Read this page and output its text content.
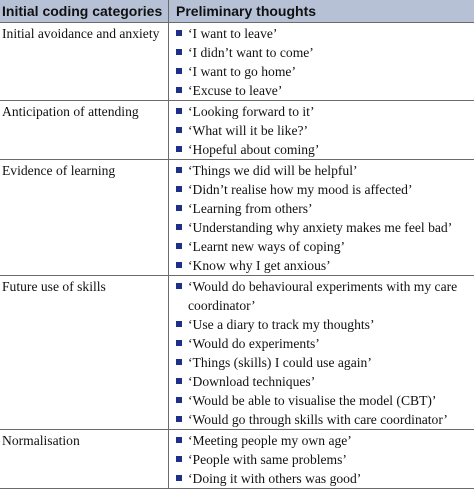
Initial coding categories Preliminary thoughts
Initial avoidance and anxiety	‘I want to leave’
‘I didn’t want to come’
‘I want to go home’
‘Excuse to leave’
Anticipation of attending	‘Looking forward to it’
‘What will it be like?’
‘Hopeful about coming’
Evidence of learning	‘Things we did will be helpful’
‘Didn’t realise how my mood is affected’
‘Learning from others’
‘Understanding why anxiety makes me feel bad’
‘Learnt new ways of coping’
‘Know why I get anxious’
Future use of skills	‘Would do behavioural experiments with my care coordinator’
‘Use a diary to track my thoughts’
‘Would do experiments’
‘Things (skills) I could use again’
‘Download techniques’
‘Would be able to visualise the model (CBT)’
‘Would go through skills with care coordinator’
Normalisation	‘Meeting people my own age’
‘People with same problems’
‘Doing it with others was good’
